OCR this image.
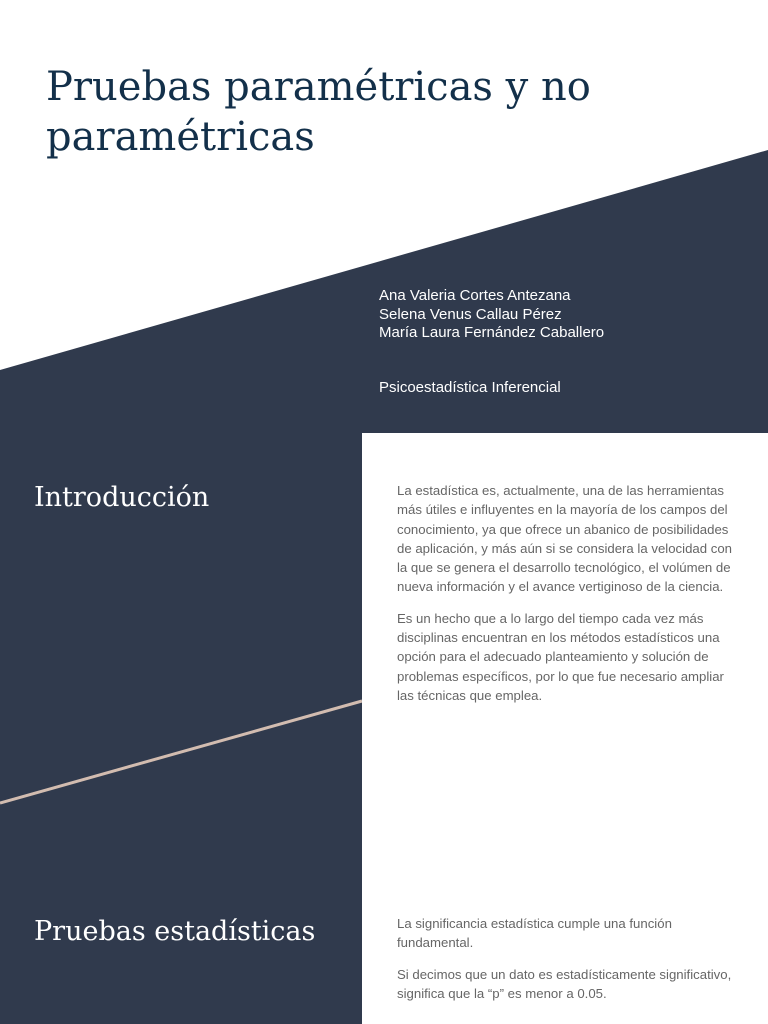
Pruebas paramétricas y no paramétricas
Ana Valeria Cortes Antezana
Selena Venus Callau Pérez
María Laura Fernández Caballero
Psicoestadística Inferencial
Introducción	La estadística es, actualmente, una de las herramientas más útiles e influyentes en la mayoría de los campos del conocimiento, ya que ofrece un abanico de posibilidades de aplicación, y más aún si se considera la velocidad con la que se genera el desarrollo tecnológico, el volúmen de nueva información y el avance vertiginoso de la ciencia.

Es un hecho que a lo largo del tiempo cada vez más disciplinas encuentran en los métodos estadísticos una opción para el adecuado planteamiento y solución de problemas específicos, por lo que fue necesario ampliar las técnicas que emplea.

Pruebas estadísticas	La significancia estadística cumple una función fundamental.

Si decimos que un dato es estadísticamente significativo, significa que la “p” es menor a 0.05.
